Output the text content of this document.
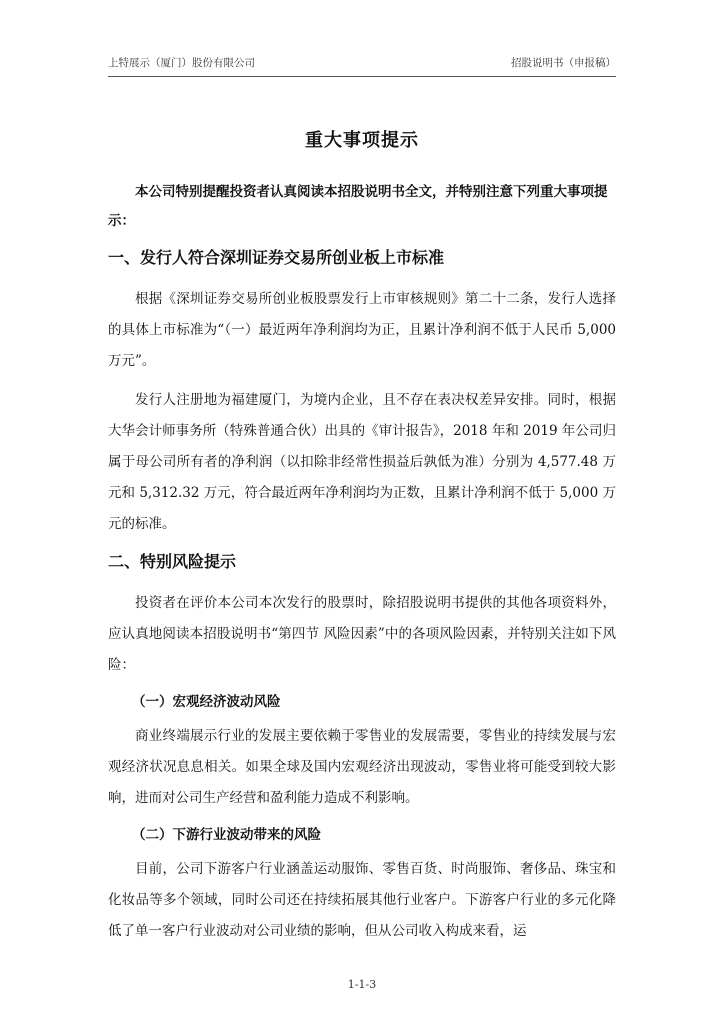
上特展示（厦门）股份有限公司	招股说明书（申报稿）
重大事项提示

本公司特别提醒投资者认真阅读本招股说明书全文，并特别注意下列重大事项提示：

一、发行人符合深圳证券交易所创业板上市标准

根据《深圳证券交易所创业板股票发行上市审核规则》第二十二条，发行人选择的具体上市标准为“（一）最近两年净利润均为正，且累计净利润不低于人民币 5,000 万元”。

发行人注册地为福建厦门，为境内企业，且不存在表决权差异安排。同时，根据大华会计师事务所（特殊普通合伙）出具的《审计报告》，2018 年和 2019 年公司归属于母公司所有者的净利润（以扣除非经常性损益后孰低为准）分别为 4,577.48 万元和 5,312.32 万元，符合最近两年净利润均为正数，且累计净利润不低于 5,000 万元的标准。

二、特别风险提示

投资者在评价本公司本次发行的股票时，除招股说明书提供的其他各项资料外，应认真地阅读本招股说明书“第四节 风险因素”中的各项风险因素，并特别关注如下风险：

（一）宏观经济波动风险

商业终端展示行业的发展主要依赖于零售业的发展需要，零售业的持续发展与宏观经济状况息息相关。如果全球及国内宏观经济出现波动，零售业将可能受到较大影响，进而对公司生产经营和盈利能力造成不利影响。

（二）下游行业波动带来的风险

目前，公司下游客户行业涵盖运动服饰、零售百货、时尚服饰、奢侈品、珠宝和化妆品等多个领域，同时公司还在持续拓展其他行业客户。下游客户行业的多元化降低了单一客户行业波动对公司业绩的影响，但从公司收入构成来看，运

1-1-3
